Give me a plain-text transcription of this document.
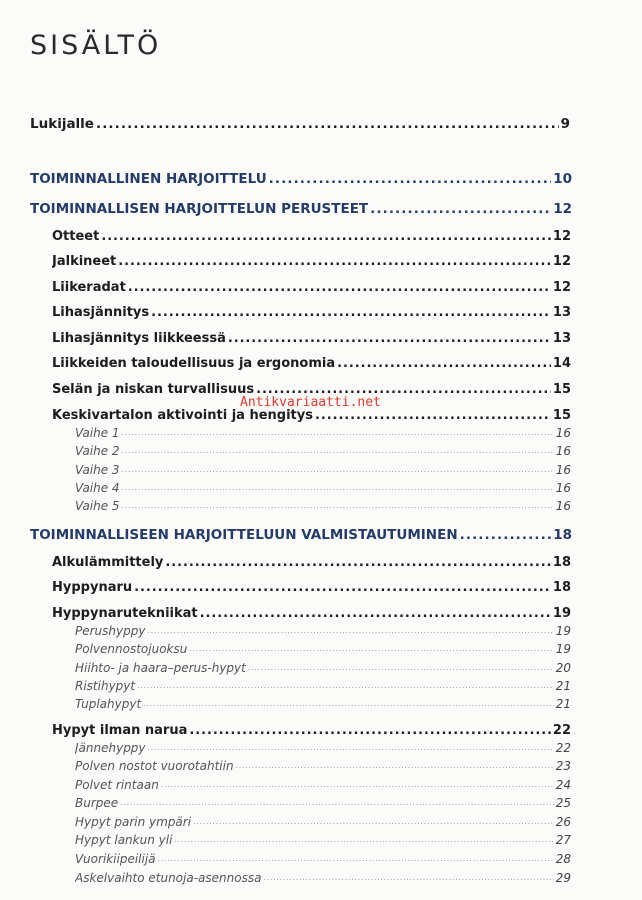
SISÄLTÖ
Lukijalle . . .	9
TOIMINNALLINEN HARJOITTELU . . .	10
TOIMINNALLISEN HARJOITTELUN PERUSTEET . . .	12
Otteet . . .	12
Jalkineet . . .	12
Liikeradat . . .	12
Lihasjännitys . . .	13
Lihasjännitys liikkeessä . . .	13
Liikkeiden taloudellisuus ja ergonomia . . .	14
Selän ja niskan turvallisuus . . .	15
Keskivartalon aktivointi ja hengitys . . .	15
Vaihe 1 . . .	16
Vaihe 2 . . .	16
Vaihe 3 . . .	16
Vaihe 4 . . .	16
Vaihe 5 . . .	16
TOIMINNALLISEEN HARJOITTELUUN VALMISTAUTUMINEN . . .	18
Alkulämmittely . . .	18
Hyppynaru . . .	18
Hyppynarutekniikat . . .	19
Perushyppy . . .	19
Polvennostojuoksu . . .	19
Hiihto- ja haara–perus-hypyt . . .	20
Ristihypyt . . .	21
Tuplahypyt . . .	21
Hypyt ilman narua . . .	22
Jännehyppy . . .	22
Polven nostot vuorotahtiin . . .	23
Polvet rintaan . . .	24
Burpee . . .	25
Hypyt parin ympäri . . .	26
Hypyt lankun yli . . .	27
Vuorikiipeilijä . . .	28
Askelvaihto etunoja-asennossa . . .	29
Antikvariaatti.net
